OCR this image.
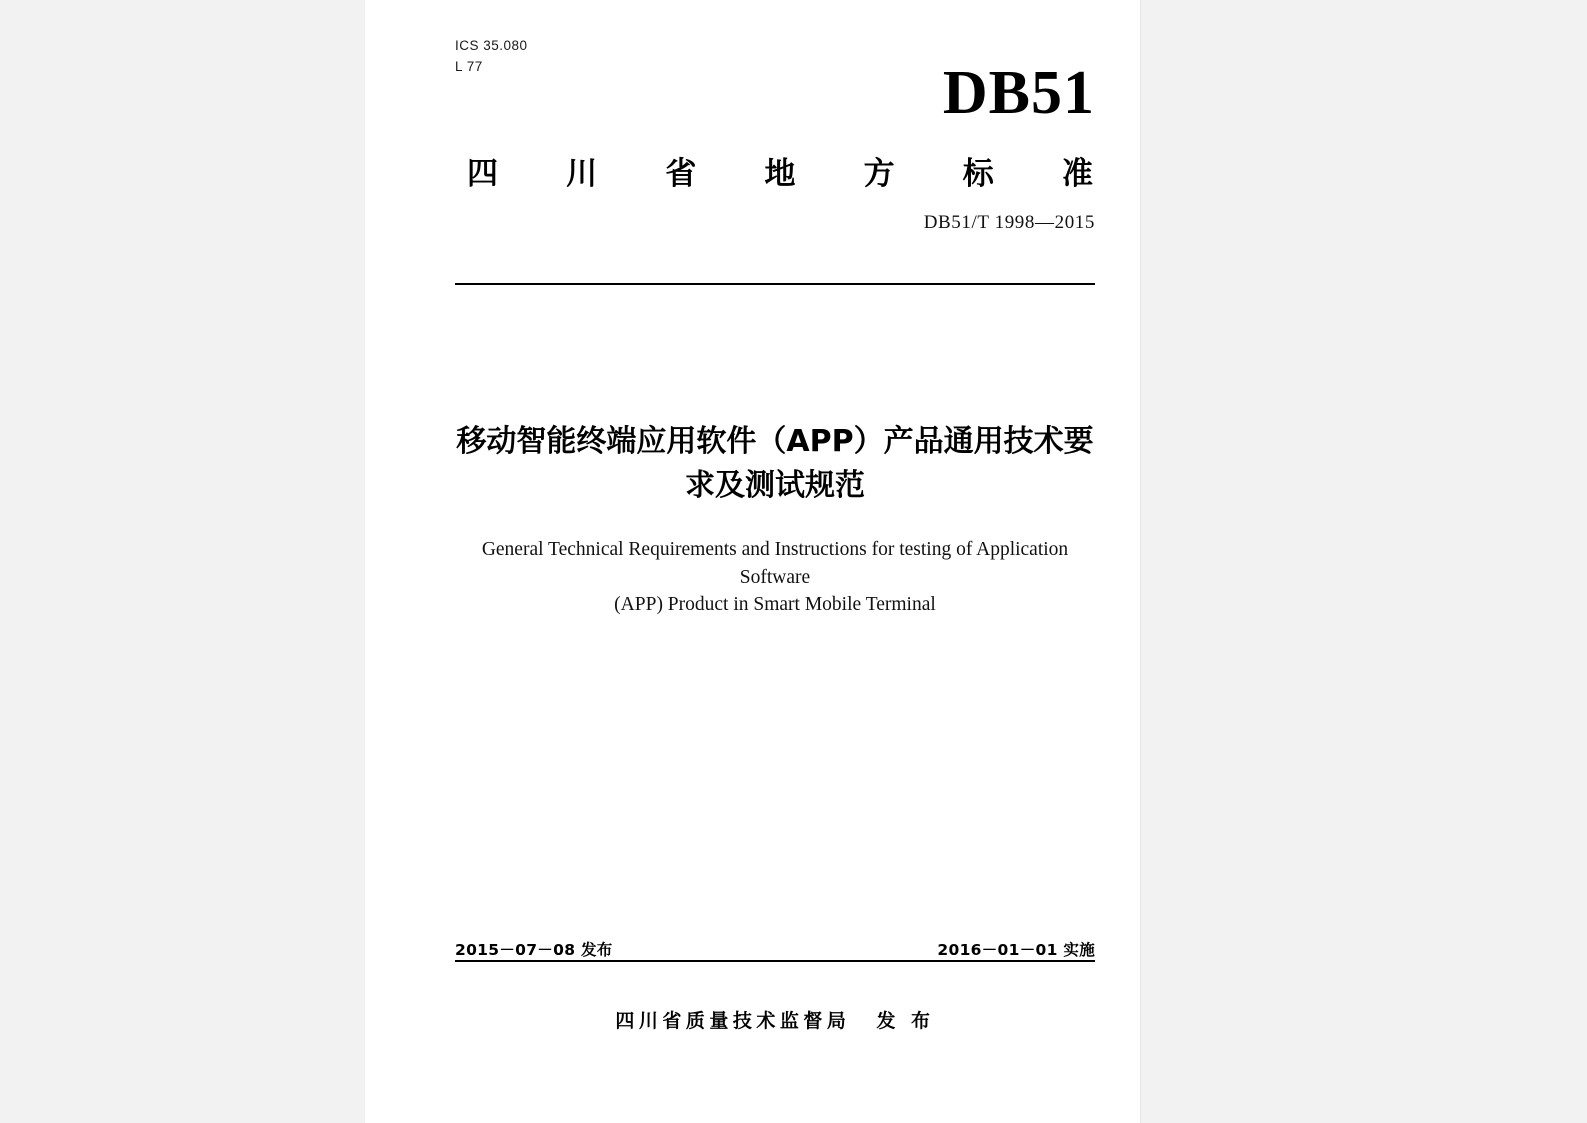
ICS 35.080
L 77	DB51
四 川 省 地 方 标 准
DB51/T 1998—2015
移动智能终端应用软件（APP）产品通用技术要求及测试规范
General Technical Requirements and Instructions for testing of Application Software
(APP) Product in Smart Mobile Terminal
2015－07－08 发布	2016－01－01 实施
四川省质量技术监督局 发 布
